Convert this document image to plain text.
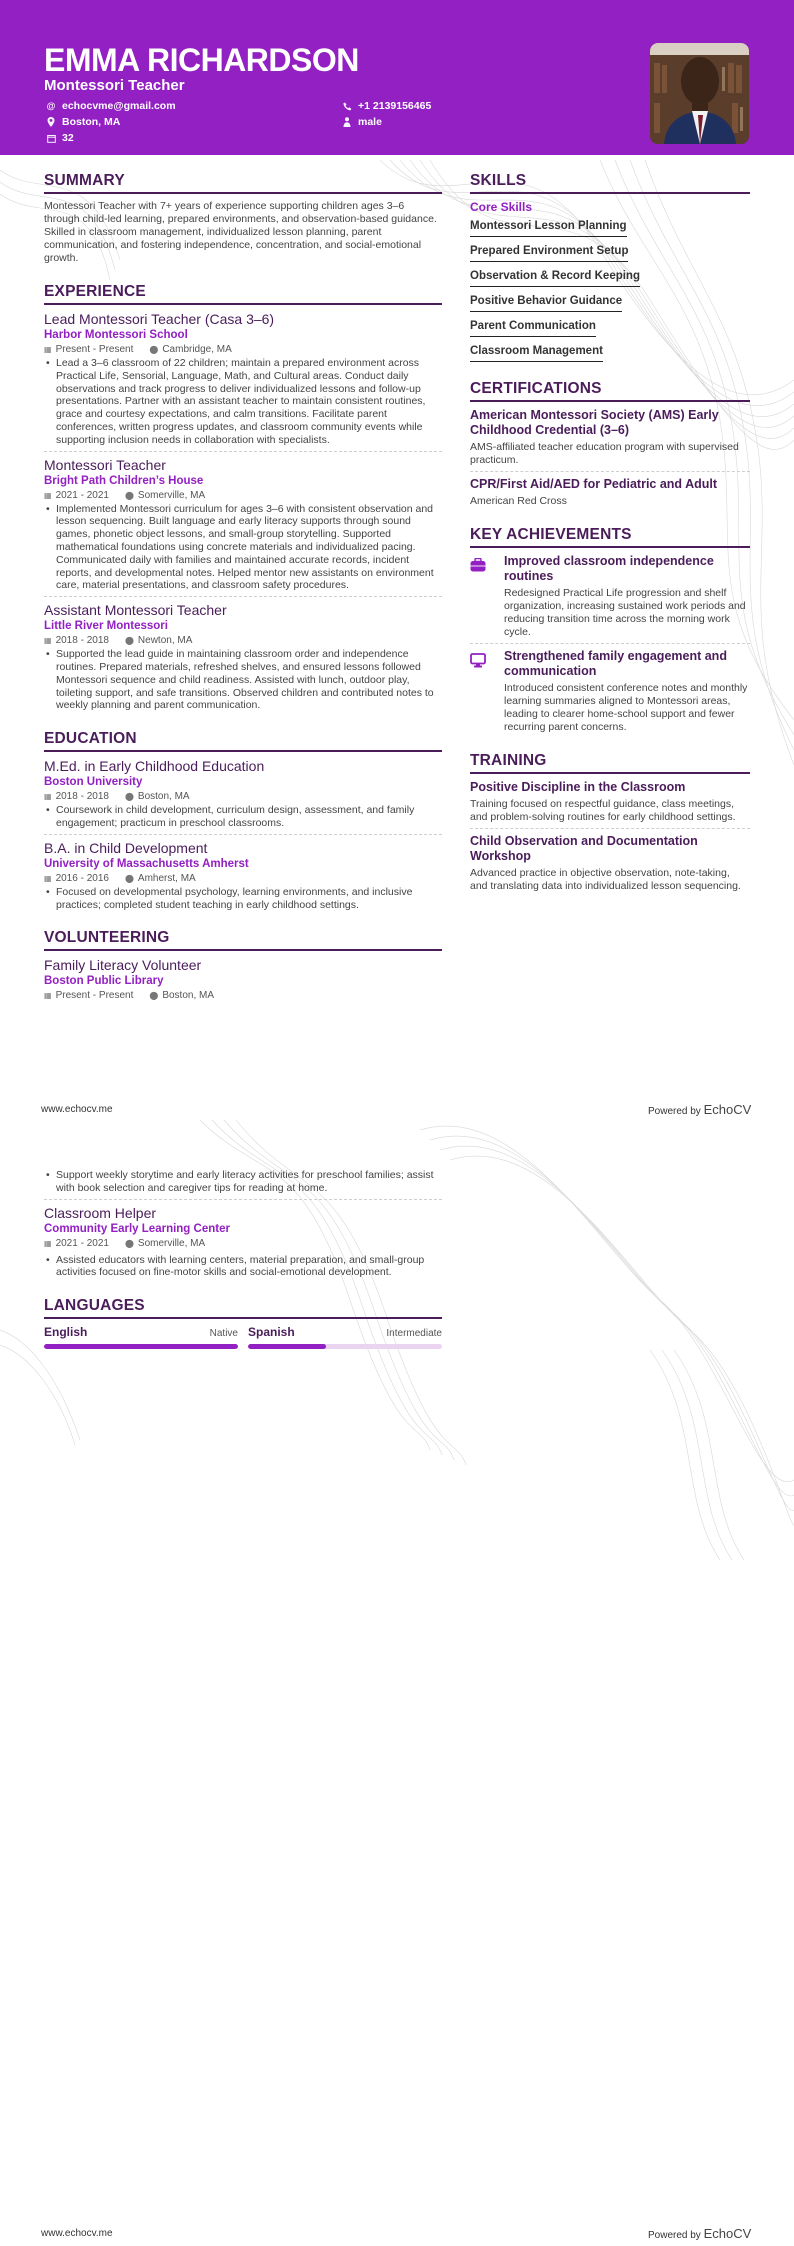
EMMA RICHARDSON
Montessori Teacher
@ echocvme@gmail.com
Boston, MA
32
+1 2139156465
male
SUMMARY

Montessori Teacher with 7+ years of experience supporting children ages 3–6 through child-led learning, prepared environments, and observation-based guidance. Skilled in classroom management, individualized lesson planning, parent communication, and fostering independence, concentration, and social-emotional growth.

EXPERIENCE
Lead Montessori Teacher (Casa 3–6)
Harbor Montessori School
▦ Present - Present ⬤ Cambridge, MA
• Lead a 3–6 classroom of 22 children; maintain a prepared environment across Practical Life, Sensorial, Language, Math, and Cultural areas. Conduct daily observations and track progress to deliver individualized lessons and follow-up presentations. Partner with an assistant teacher to maintain consistent routines, grace and courtesy expectations, and calm transitions. Facilitate parent conferences, written progress updates, and classroom community events while supporting inclusion needs in collaboration with specialists.
Montessori Teacher
Bright Path Children’s House
▦ 2021 - 2021 ⬤ Somerville, MA
• Implemented Montessori curriculum for ages 3–6 with consistent observation and lesson sequencing. Built language and early literacy supports through sound games, phonetic object lessons, and small-group storytelling. Supported mathematical foundations using concrete materials and individualized pacing. Communicated daily with families and maintained accurate records, incident reports, and developmental notes. Helped mentor new assistants on environment care, material presentations, and classroom safety procedures.
Assistant Montessori Teacher
Little River Montessori
▦ 2018 - 2018 ⬤ Newton, MA
• Supported the lead guide in maintaining classroom order and independence routines. Prepared materials, refreshed shelves, and ensured lessons followed Montessori sequence and child readiness. Assisted with lunch, outdoor play, toileting support, and safe transitions. Observed children and contributed notes to weekly planning and parent communication.
EDUCATION
M.Ed. in Early Childhood Education
Boston University
▦ 2018 - 2018 ⬤ Boston, MA
• Coursework in child development, curriculum design, assessment, and family engagement; practicum in preschool classrooms.
B.A. in Child Development
University of Massachusetts Amherst
▦ 2016 - 2016 ⬤ Amherst, MA
• Focused on developmental psychology, learning environments, and inclusive practices; completed student teaching in early childhood settings.
VOLUNTEERING
Family Literacy Volunteer
Boston Public Library
▦ Present - Present ⬤ Boston, MA
SKILLS
Core Skills
Montessori Lesson Planning
Prepared Environment Setup
Observation & Record Keeping
Positive Behavior Guidance
Parent Communication
Classroom Management
CERTIFICATIONS
American Montessori Society (AMS) Early Childhood Credential (3–6)
AMS-affiliated teacher education program with supervised practicum.
CPR/First Aid/AED for Pediatric and Adult
American Red Cross
KEY ACHIEVEMENTS
Improved classroom independence routines
Redesigned Practical Life progression and shelf organization, increasing sustained work periods and reducing transition time across the morning work cycle.
Strengthened family engagement and communication
Introduced consistent conference notes and monthly learning summaries aligned to Montessori areas, leading to clearer home-school support and fewer recurring parent concerns.
TRAINING
Positive Discipline in the Classroom
Training focused on respectful guidance, class meetings, and problem-solving routines for early childhood settings.
Child Observation and Documentation Workshop
Advanced practice in objective observation, note-taking, and translating data into individualized lesson sequencing.
www.echocv.me	Powered by EchoCV
• Support weekly storytime and early literacy activities for preschool families; assist with book selection and caregiver tips for reading at home.
Classroom Helper
Community Early Learning Center
▦ 2021 - 2021 ⬤ Somerville, MA
• Assisted educators with learning centers, material preparation, and small-group activities focused on fine-motor skills and social-emotional development.
LANGUAGES
English	Native Spanish	Intermediate
www.echocv.me	Powered by EchoCV
